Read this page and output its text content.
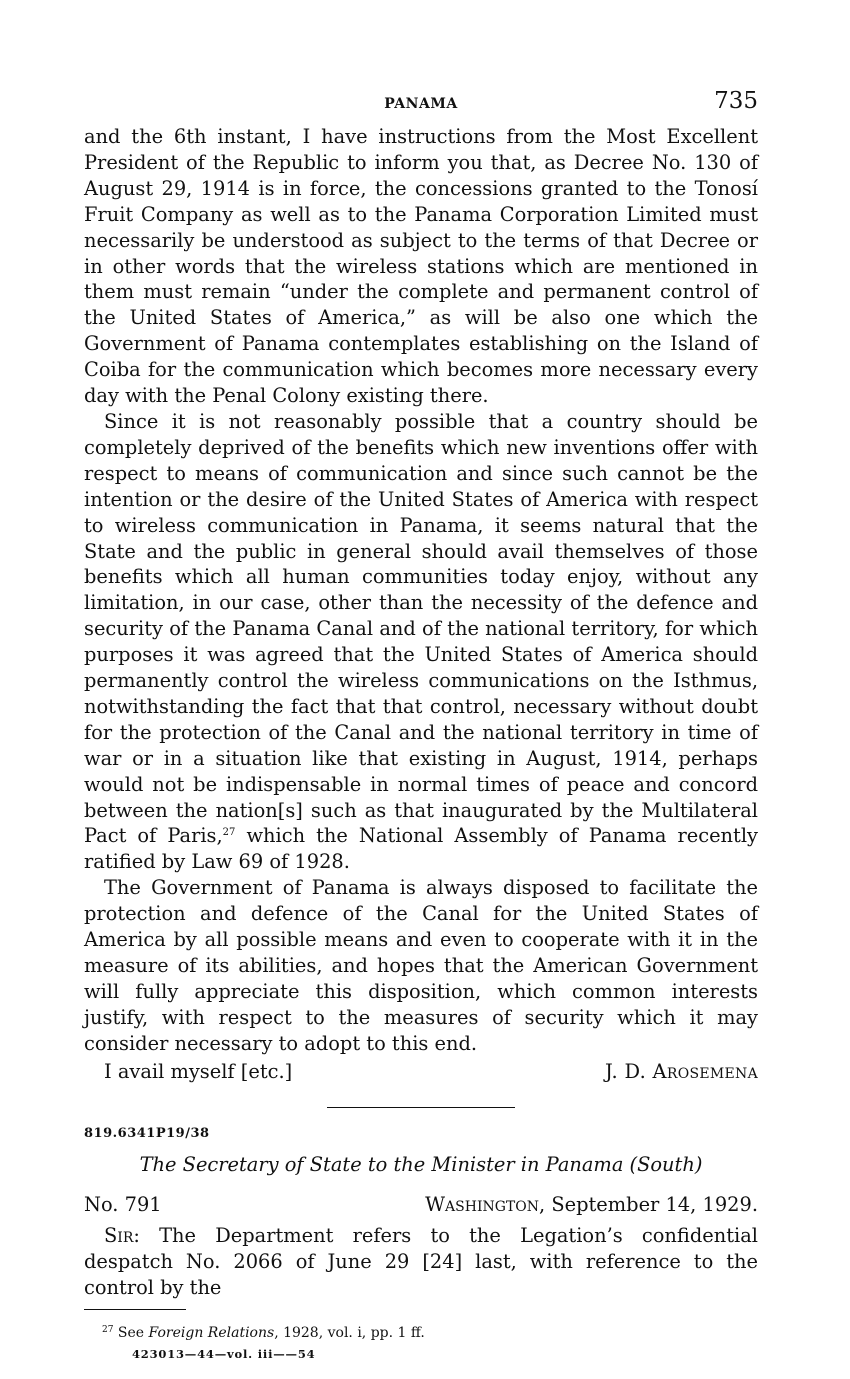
PANAMA	735

and the 6th instant, I have instructions from the Most Excellent President of the Republic to inform you that, as Decree No. 130 of August 29, 1914 is in force, the concessions granted to the Tonosí Fruit Company as well as to the Panama Corporation Limited must necessarily be understood as subject to the terms of that Decree or in other words that the wireless stations which are mentioned in them must remain “under the complete and permanent control of the United States of America,” as will be also one which the Government of Panama contemplates establishing on the Island of Coiba for the communication which becomes more necessary every day with the Penal Colony existing there.

Since it is not reasonably possible that a country should be completely deprived of the benefits which new inventions offer with respect to means of communication and since such cannot be the intention or the desire of the United States of America with respect to wireless communication in Panama, it seems natural that the State and the public in general should avail themselves of those benefits which all human communities today enjoy, without any limitation, in our case, other than the necessity of the defence and security of the Panama Canal and of the national territory, for which purposes it was agreed that the United States of America should permanently control the wireless communications on the Isthmus, notwithstanding the fact that that control, necessary without doubt for the protection of the Canal and the national territory in time of war or in a situation like that existing in August, 1914, perhaps would not be indispensable in normal times of peace and concord between the nation[s] such as that inaugurated by the Multilateral Pact of Paris,$^{27}$ which the National Assembly of Panama recently ratified by Law 69 of 1928.

The Government of Panama is always disposed to facilitate the protection and defence of the Canal for the United States of America by all possible means and even to cooperate with it in the measure of its abilities, and hopes that the American Government will fully appreciate this disposition, which common interests justify, with respect to the measures of security which it may consider necessary to adopt to this end.

I avail myself [etc.]	J. D. Arosemena
819.6341P19/38
The Secretary of State to the Minister in Panama (South)
No. 791	Washington, September 14, 1929.

Sir: The Department refers to the Legation’s confidential despatch No. 2066 of June 29 [24] last, with reference to the control by the

$^{27}$ See Foreign Relations, 1928, vol. i, pp. 1 ff.
423013—44—vol. iii——54
